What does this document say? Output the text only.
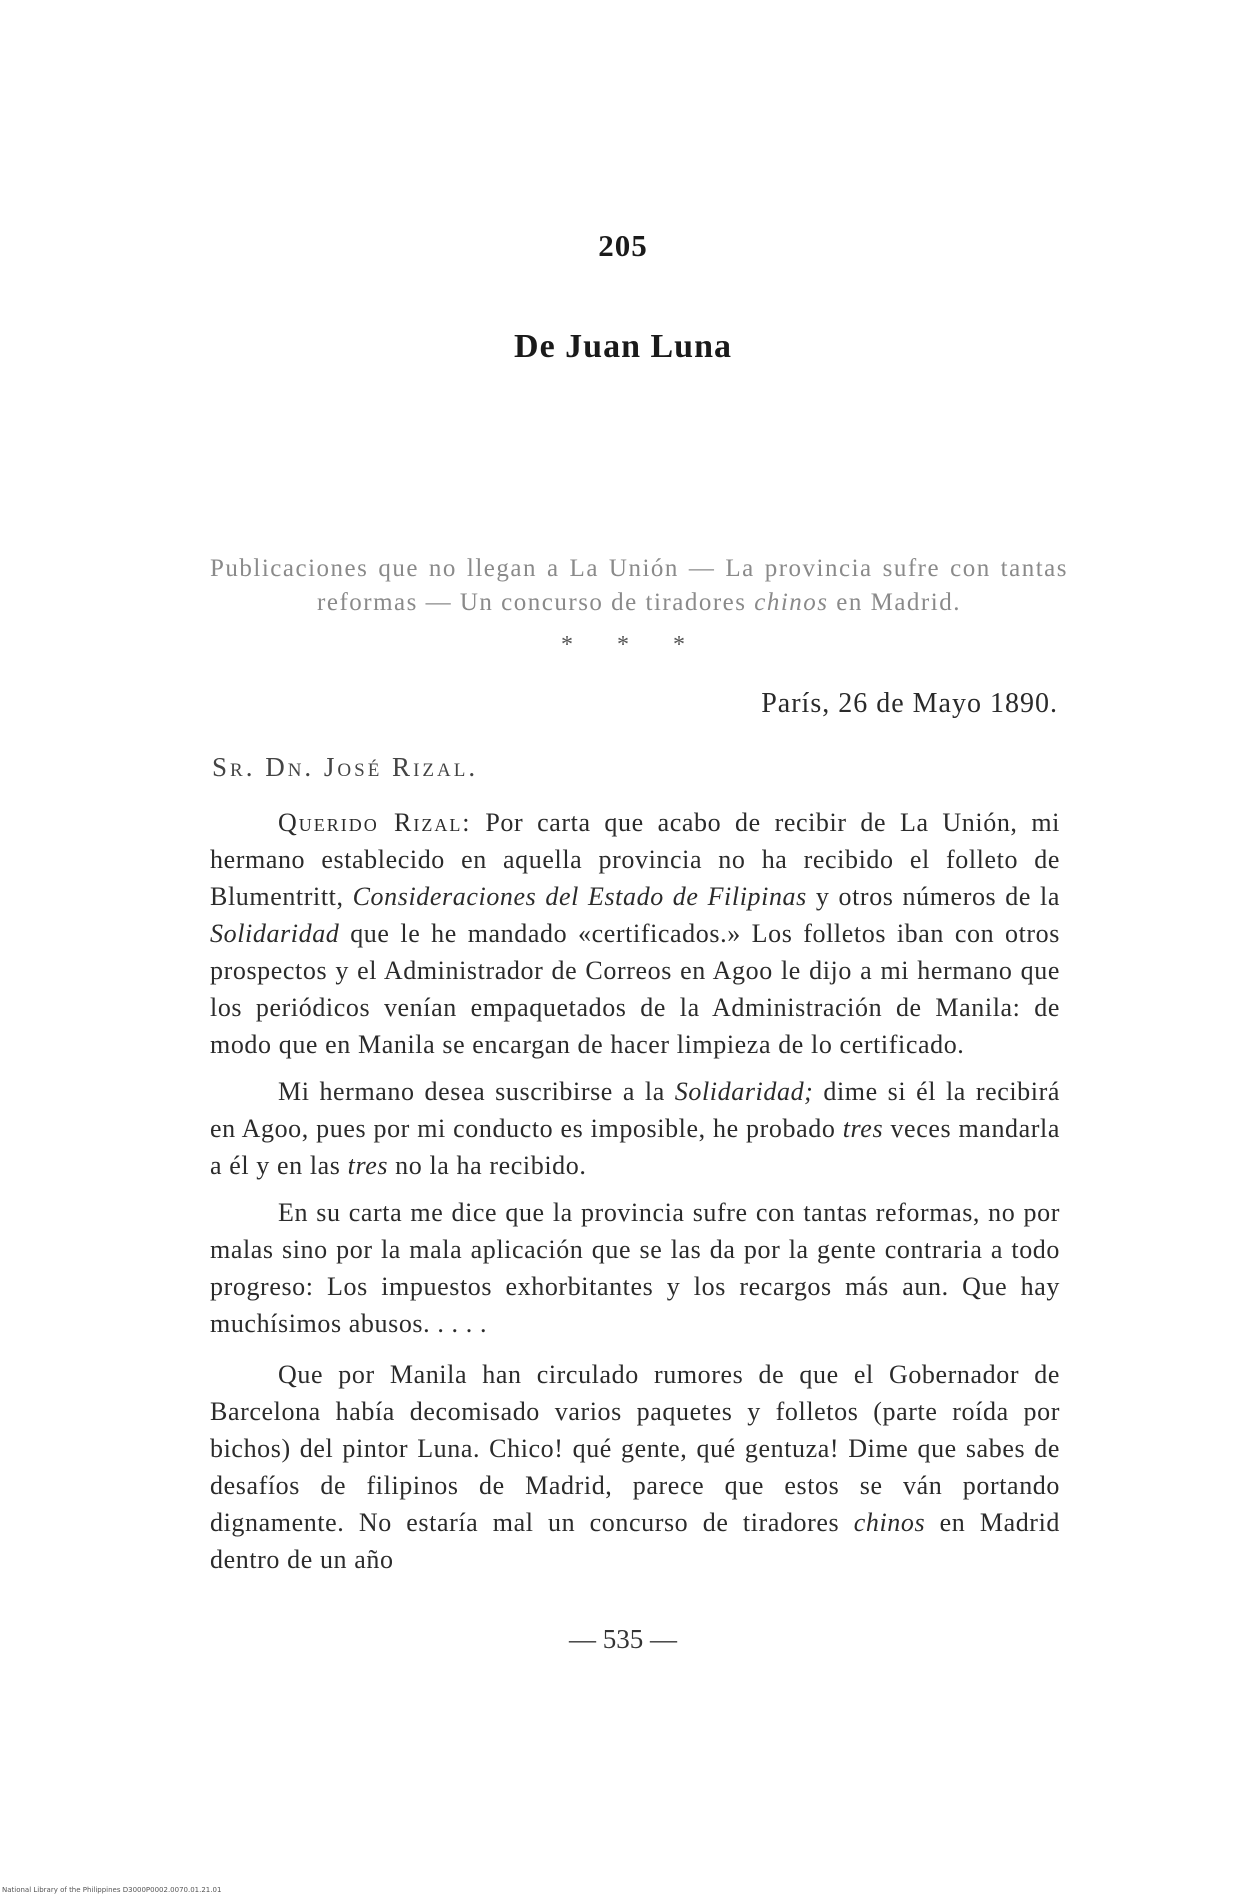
205
De Juan Luna
Publicaciones que no llegan a La Unión — La provincia sufre con tantas reformas — Un concurso de tiradores chinos en Madrid.
* * *
París, 26 de Mayo 1890.
Sr. Dn. José Rizal.

Querido Rizal: Por carta que acabo de recibir de La Unión, mi hermano establecido en aquella provincia no ha recibido el folleto de Blumentritt, Consideraciones del Estado de Filipinas y otros números de la Solidaridad que le he mandado «certificados.» Los folletos iban con otros prospectos y el Administrador de Correos en Agoo le dijo a mi hermano que los periódicos venían empaquetados de la Administración de Manila: de modo que en Manila se encargan de hacer limpieza de lo certificado.

Mi hermano desea suscribirse a la Solidaridad; dime si él la recibirá en Agoo, pues por mi conducto es imposible, he probado tres veces mandarla a él y en las tres no la ha recibido.

En su carta me dice que la provincia sufre con tantas reformas, no por malas sino por la mala aplicación que se las da por la gente contraria a todo progreso: Los impuestos exhorbitantes y los recargos más aun. Que hay muchísimos abusos. . . . .

Que por Manila han circulado rumores de que el Gobernador de Barcelona había decomisado varios paquetes y folletos (parte roída por bichos) del pintor Luna. Chico! qué gente, qué gentuza! Dime que sabes de desafíos de filipinos de Madrid, parece que estos se ván portando dignamente. No estaría mal un concurso de tiradores chinos en Madrid dentro de un año

— 535 —
National Library of the Philippines D3000P0002.0070.01.21.01
